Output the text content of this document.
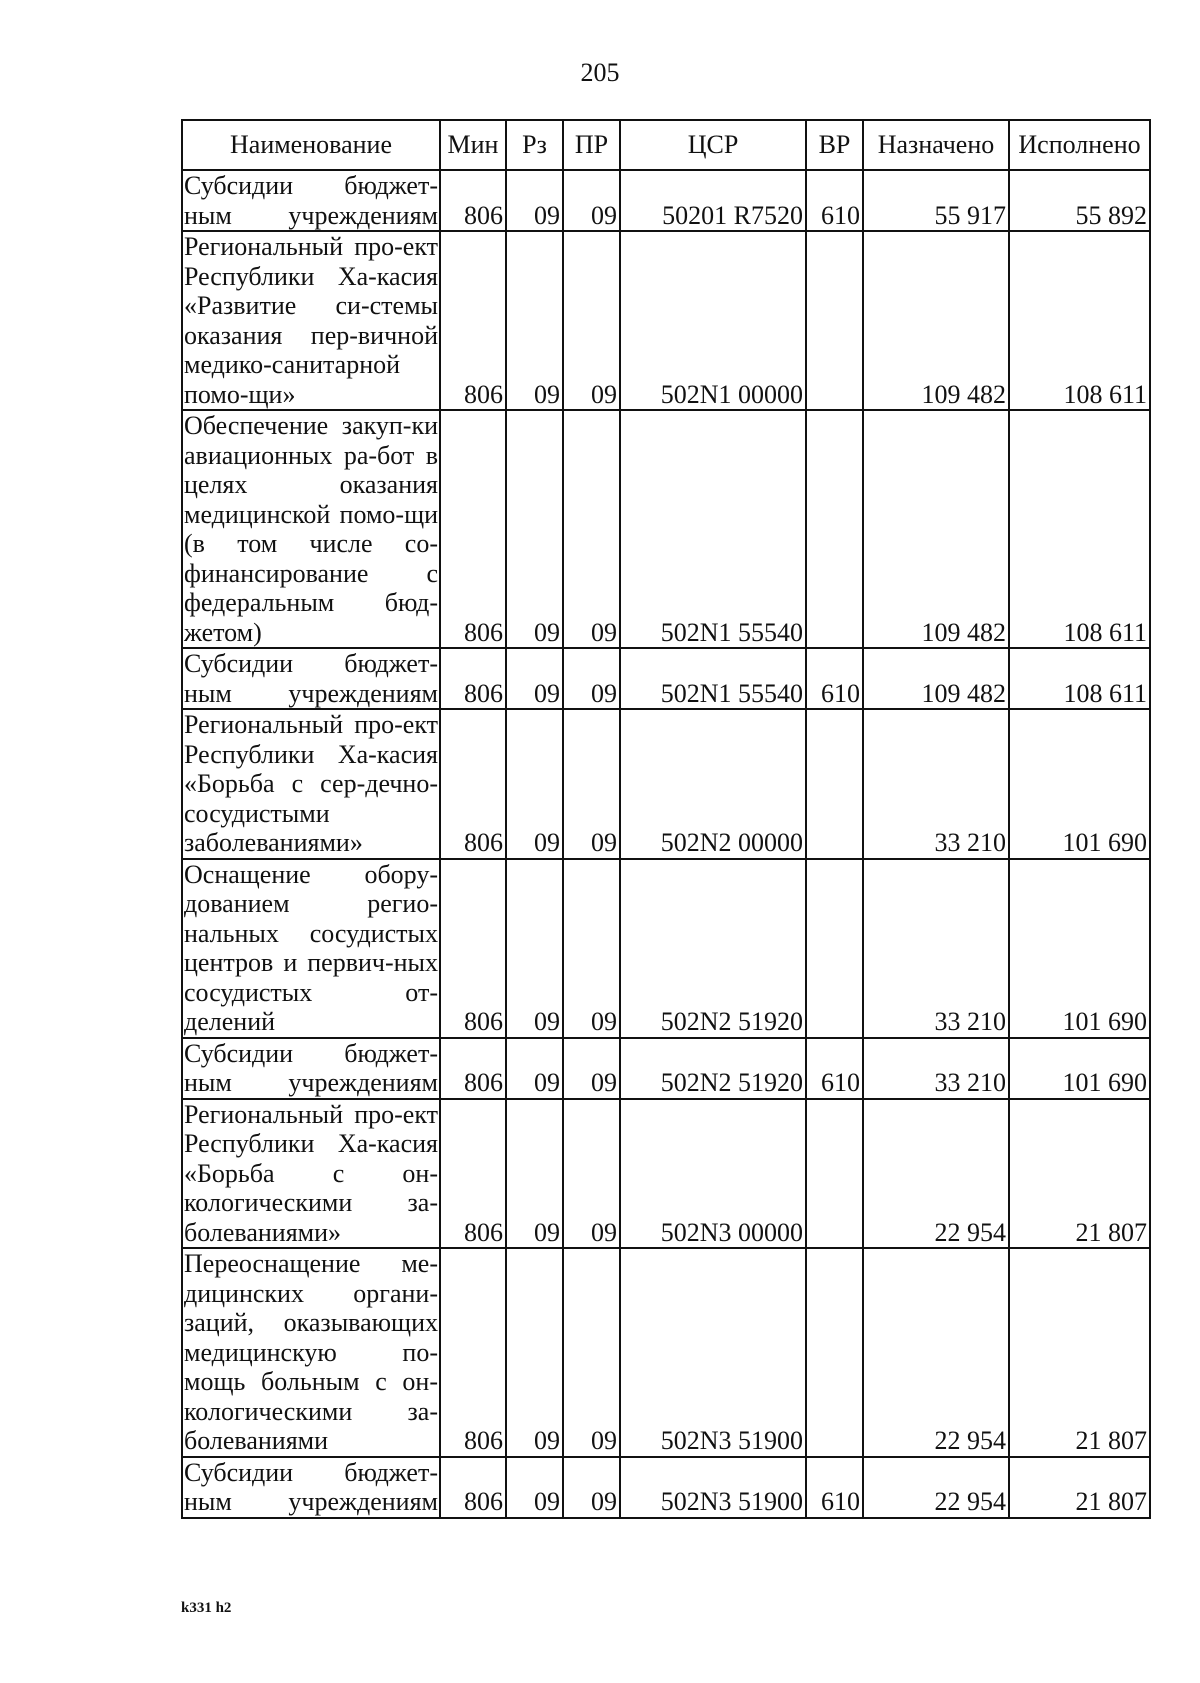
205
Наименование	Мин	Рз	ПР	ЦСР	ВР	Назначено	Исполнено
Субсидии бюджет-ным учреждениям	806	09	09	50201 R7520	610	55 917	55 892
Региональный про-ект Республики Ха-касия «Развитие си-стемы оказания пер-вичной медико-санитарной помо-щи»	806	09	09	502N1 00000		109 482	108 611
Обеспечение закуп-ки авиационных ра-бот в целях оказания медицинской помо-щи (в том числе со-финансирование с федеральным бюд-жетом)	806	09	09	502N1 55540		109 482	108 611
Субсидии бюджет-ным учреждениям	806	09	09	502N1 55540	610	109 482	108 611
Региональный про-ект Республики Ха-касия «Борьба с сер-дечно-сосудистыми заболеваниями»	806	09	09	502N2 00000		33 210	101 690
Оснащение обору-дованием регио-нальных сосудистых центров и первич-ных сосудистых от-делений	806	09	09	502N2 51920		33 210	101 690
Субсидии бюджет-ным учреждениям	806	09	09	502N2 51920	610	33 210	101 690
Региональный про-ект Республики Ха-касия «Борьба с он-кологическими за-болеваниями»	806	09	09	502N3 00000		22 954	21 807
Переоснащение ме-дицинских органи-заций, оказывающих медицинскую по-мощь больным с он-кологическими за-болеваниями	806	09	09	502N3 51900		22 954	21 807
Субсидии бюджет-ным учреждениям	806	09	09	502N3 51900	610	22 954	21 807
k331 h2
